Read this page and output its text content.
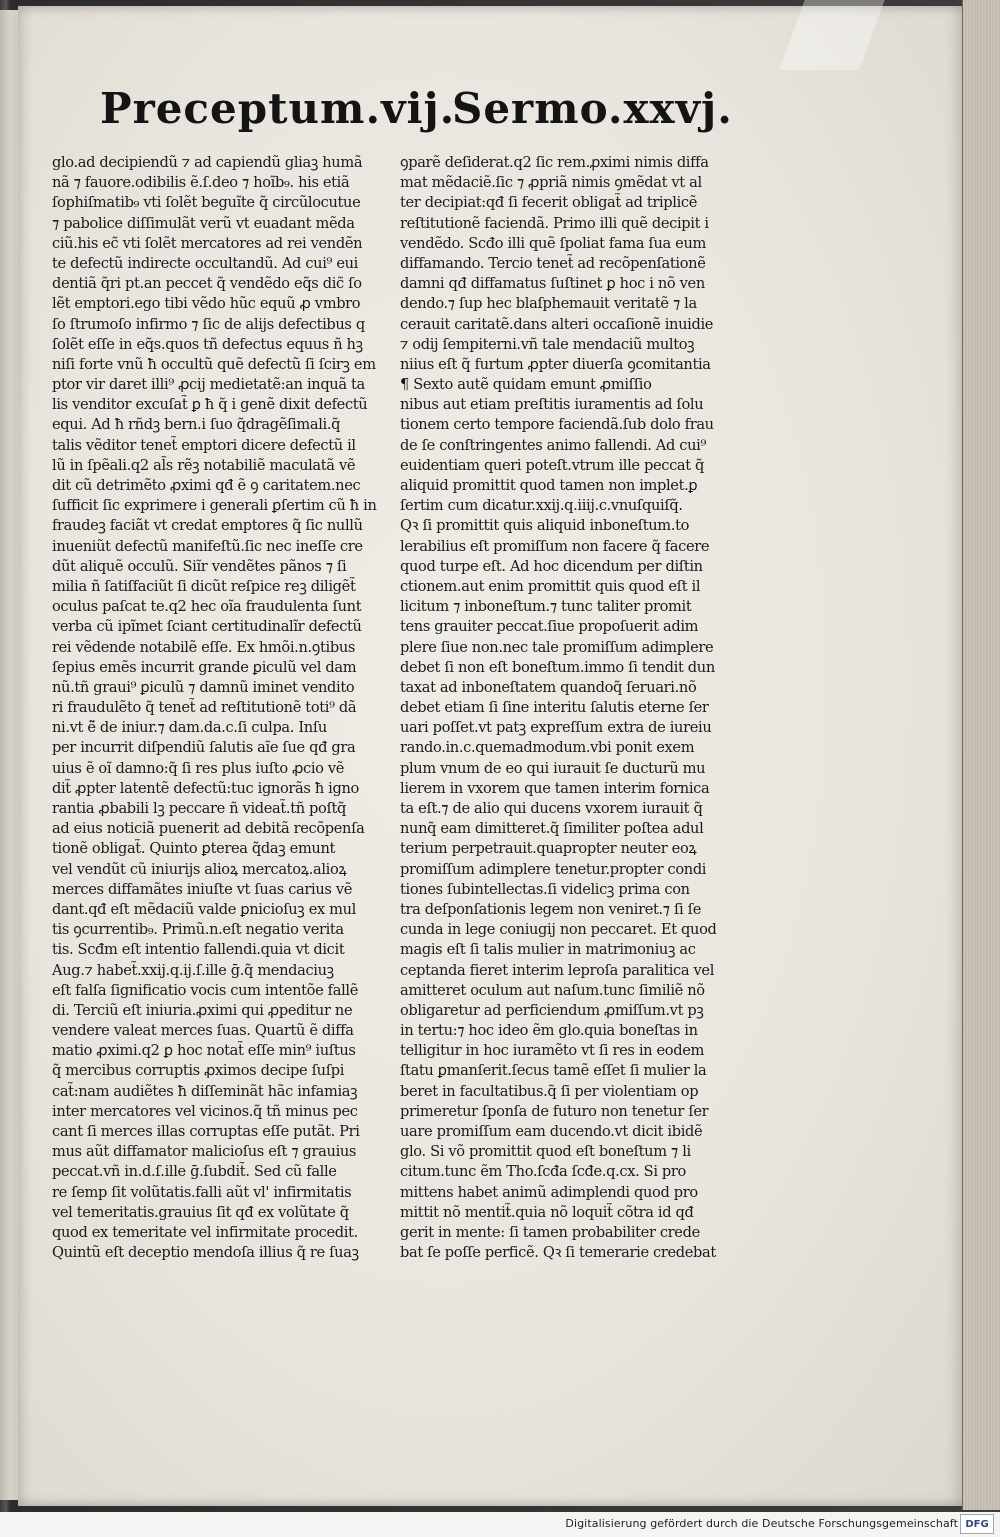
Preceptum.vij.
Sermo.xxvj.
glo.ad decipiendũ ⁊ ad capiendũ gliaꝫ humã
nã ⁊ fauore.odibilis ẽ.ſ.deo ⁊ hoĩb₉. his etiã
ſophiſmatib₉ vti ſolẽt beguĩte q̃ circũlocutue
⁊ pabolice diſſimulãt verũ vt euadant mẽda
ciũ.his ec̃ vti ſolẽt mercatores ad rei vendẽn
te defectũ indirecte occultandũ. Ad cui⁹ eui
dentiã q̃ri pt.an peccet q̃ vendẽdo eq̃s dic̃ ſo
lẽt emptori.ego tibi vẽdo hũc equũ ꝓ vmbro
ſo ſtrumoſo infirmo ⁊ ſic de alijs defectibus q
ſolẽt eſſe in eq̃s.quos tñ defectus equus ñ hꝫ
niſi forte vnũ ħ occultũ quẽ defectũ ſi ſcirꝫ em
ptor vir daret illi⁹ ꝓcij medietatẽ:an inquã ta
lis venditor excuſat̃ ꝑ ħ q̃ i genẽ dixit defectũ
equi. Ad ħ rñdꝫ bern.i ſuo q̃dragẽſimali.q̃
talis vẽditor tenet̃ emptori dicere defectũ il
lũ in ſpẽali.q2 al̃s rẽꝫ notabiliẽ maculatã vẽ
dit cũ detrimẽto ꝓximi qđ ẽ ꝯ caritatem.nec
ſufficit ſic exprimere i generali ꝑſertim cũ ħ in
fraudeꝫ faciãt vt credat emptores q̃ ſic nullũ
inueniũt defectũ manifeſtũ.ſic nec ineſſe cre
dũt aliquẽ occulũ. Siĩr vendẽtes pãnos ⁊ ſi
milia ñ ſatiſfaciũt ſi dicũt reſpice reꝫ diligẽt̃
oculus paſcat te.q2 hec oĩa fraudulenta ſunt
verba cũ ipĩmet ſciant certitudinalĩr defectũ
rei vẽdende notabilẽ eſſe. Ex hmõi.n.ꝯtibus
ſepius emẽs incurrit grande ꝑiculũ vel dam
nũ.tñ graui⁹ ꝑiculũ ⁊ damnũ iminet vendito
ri fraudulẽto q̃ tenet̃ ad reſtitutionẽ toti⁹ dã
ni.vt ẽ̃ de iniur.⁊ dam.da.c.ſi culpa. Inſu
per incurrit diſpendiũ ſalutis aĩe ſue qđ gra
uius ẽ oĩ damno:q̃ ſi res plus iuſto ꝓcio vẽ
dit̃ ꝓpter latentẽ defectũ:tuc ignorãs ħ igno
rantia ꝓbabili lꝫ peccare ñ videat̃.tñ poſtq̃
ad eius noticiã puenerit ad debitã recõpenſa
tionẽ obligat̃. Quinto ꝑterea q̃daꝫ emunt
vel vendũt cũ iniurijs alioꝝ mercatoꝝ.alioꝝ
merces diffamãtes iniuſte vt ſuas carius vẽ
dant.qđ eſt mẽdaciũ valde ꝑnicioſuꝫ ex mul
tis ꝯcurrentib₉. Primũ.n.eſt negatio verita
tis. Scđm eſt intentio fallendi.quia vt dicit
Aug.⁊ habet̃.xxij.q.ij.ſ.ille ḡ.q̃ mendaciuꝫ
eſt falſa ſignificatio vocis cum intentõe fallẽ
di. Terciũ eſt iniuria.ꝓximi qui ꝓpeditur ne
vendere valeat merces ſuas. Quartũ ẽ diffa
matio ꝓximi.q2 ꝑ hoc notat̃ eſſe min⁹ iuſtus
q̃ mercibus corruptis ꝓximos decipe ſuſpi
cat̃:nam audiẽtes ħ diſſeminãt hãc infamiaꝫ
inter mercatores vel vicinos.q̃ tñ minus pec
cant ſi merces illas corruptas eſſe putãt. Pri
mus aũt diffamator malicioſus eſt ⁊ grauius
peccat.vñ in.d.ſ.ille ḡ.ſubdit̃. Sed cũ falle
re ſemp ſit volũtatis.falli aũt vl' infirmitatis
vel temeritatis.grauius ſit qđ ex volũtate q̃
quod ex temeritate vel infirmitate procedit.
Quintũ eſt deceptio mendoſa illius q̃ re ſuaꝫ
ꝯparẽ deſiderat.q2 ſic rem.ꝓximi nimis diffa
mat mẽdaciẽ.ſic ⁊ ꝓpriã nimis ꝯmẽdat vt al
ter decipiat:qđ ſi fecerit obligat̃ ad triplicẽ
reſtitutionẽ faciendã. Primo illi quẽ decipit i
vendẽdo. Scđo illi quẽ ſpoliat fama ſua eum
diffamando. Tercio tenet̃ ad recõpenſationẽ
damni qđ diffamatus ſuſtinet ꝑ hoc i nõ ven
dendo.⁊ ſup hec blaſphemauit veritatẽ ⁊ la
cerauit caritatẽ.dans alteri occaſionẽ inuidie
⁊ odij ſempiterni.vñ tale mendaciũ multoꝫ
niius eſt q̃ furtum ꝓpter diuerſa ꝯcomitantia
¶ Sexto autẽ quidam emunt ꝓmiſſio
nibus aut etiam preſtitis iuramentis ad ſolu
tionem certo tempore faciendã.ſub dolo frau
de ſe conſtringentes animo fallendi. Ad cui⁹
euidentiam queri poteſt.vtrum ille peccat q̃
aliquid promittit quod tamen non implet.ꝑ
ſertim cum dicatur.xxij.q.iiij.c.vnuſquiſq̃.
Qꝛ ſi promittit quis aliquid inboneſtum.to
lerabilius eſt promiſſum non facere q̃ facere
quod turpe eſt. Ad hoc dicendum per diſtin
ctionem.aut enim promittit quis quod eſt il
licitum ⁊ inboneſtum.⁊ tunc taliter promit
tens grauiter peccat.ſiue propoſuerit adim
plere ſiue non.nec tale promiſſum adimplere
debet ſi non eſt boneſtum.immo ſi tendit dun
taxat ad inboneſtatem quandoq̃ ſeruari.nõ
debet etiam ſi ſine interitu ſalutis eterne ſer
uari poſſet.vt patꝫ expreſſum extra de iureiu
rando.in.c.quemadmodum.vbi ponit exem
plum vnum de eo qui iurauit ſe ducturũ mu
lierem in vxorem que tamen interim fornica
ta eſt.⁊ de alio qui ducens vxorem iurauit q̃
nunq̃ eam dimitteret.q̃ ſimiliter poſtea adul
terium perpetrauit.quapropter neuter eoꝝ
promiſſum adimplere tenetur.propter condi
tiones ſubintellectas.ſi videlicꝫ prima con
tra deſponſationis legem non veniret.⁊ ſi ſe
cunda in lege coniugij non peccaret. Et quod
magis eſt ſi talis mulier in matrimoniuꝫ ac
ceptanda fieret interim leproſa paralitica vel
amitteret oculum aut naſum.tunc ſimiliẽ nõ
obligaretur ad perficiendum ꝓmiſſum.vt pꝫ
in tertu:⁊ hoc ideo ẽm glo.quia boneſtas in
telligitur in hoc iuramẽto vt ſi res in eodem
ſtatu ꝑmanſerit.ſecus tamẽ eſſet ſi mulier la
beret in facultatibus.q̃ ſi per violentiam op
primeretur ſponſa de futuro non tenetur ſer
uare promiſſum eam ducendo.vt dicit ibidẽ
glo. Si võ promittit quod eſt boneſtum ⁊ li
citum.tunc ẽm Tho.ſcđa ſcđe.q.cx. Si pro
mittens habet animũ adimplendi quod pro
mittit nõ mentit̃.quia nõ loquit̃ cõtra id qđ
gerit in mente: ſi tamen probabiliter crede
bat ſe poſſe perficẽ. Qꝛ ſi temerarie credebat
Digitalisierung gefördert durch die Deutsche Forschungsgemeinschaft DFG
